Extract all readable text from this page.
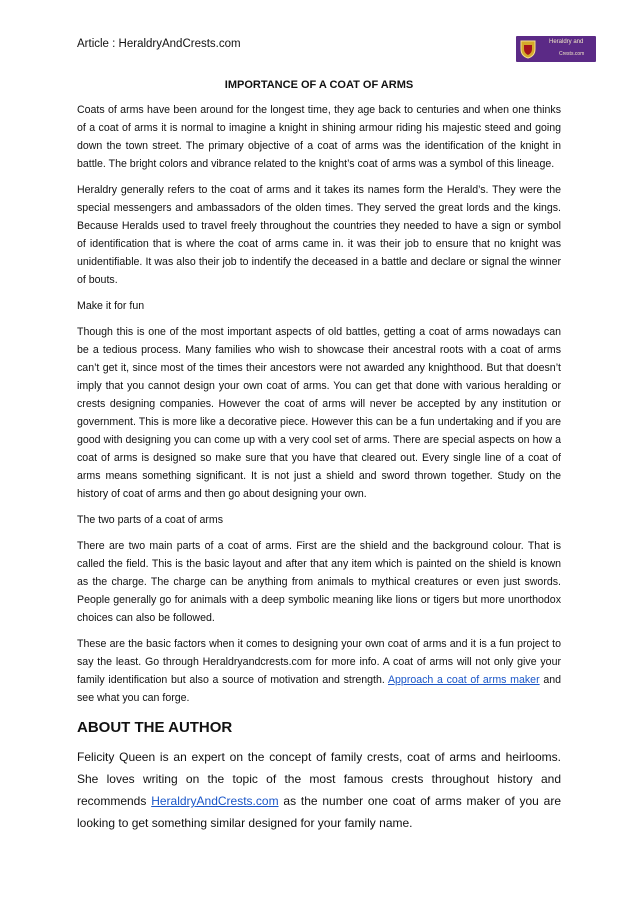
Article : HeraldryAndCrests.com	Heraldry and
Crests.com
IMPORTANCE OF A COAT OF ARMS

Coats of arms have been around for the longest time, they age back to centuries and when one thinks of a coat of arms it is normal to imagine a knight in shining armour riding his majestic steed and going down the town street. The primary objective of a coat of arms was the identification of the knight in battle. The bright colors and vibrance related to the knight’s coat of arms was a symbol of this lineage.

Heraldry generally refers to the coat of arms and it takes its names form the Herald’s. They were the special messengers and ambassadors of the olden times. They served the great lords and the kings. Because Heralds used to travel freely throughout the countries they needed to have a sign or symbol of identification that is where the coat of arms came in. it was their job to ensure that no knight was unidentifiable. It was also their job to indentify the deceased in a battle and declare or signal the winner of bouts.

Make it for fun

Though this is one of the most important aspects of old battles, getting a coat of arms nowadays can be a tedious process. Many families who wish to showcase their ancestral roots with a coat of arms can’t get it, since most of the times their ancestors were not awarded any knighthood. But that doesn’t imply that you cannot design your own coat of arms. You can get that done with various heralding or crests designing companies. However the coat of arms will never be accepted by any institution or government. This is more like a decorative piece. However this can be a fun undertaking and if you are good with designing you can come up with a very cool set of arms. There are special aspects on how a coat of arms is designed so make sure that you have that cleared out. Every single line of a coat of arms means something significant. It is not just a shield and sword thrown together. Study on the history of coat of arms and then go about designing your own.

The two parts of a coat of arms

There are two main parts of a coat of arms. First are the shield and the background colour. That is called the field. This is the basic layout and after that any item which is painted on the shield is known as the charge. The charge can be anything from animals to mythical creatures or even just swords. People generally go for animals with a deep symbolic meaning like lions or tigers but more unorthodox choices can also be followed.

These are the basic factors when it comes to designing your own coat of arms and it is a fun project to say the least. Go through Heraldryandcrests.com for more info. A coat of arms will not only give your family identification but also a source of motivation and strength. Approach a coat of arms maker and see what you can forge.

ABOUT THE AUTHOR

Felicity Queen is an expert on the concept of family crests, coat of arms and heirlooms. She loves writing on the topic of the most famous crests throughout history and recommends HeraldryAndCrests.com as the number one coat of arms maker of you are looking to get something similar designed for your family name.
